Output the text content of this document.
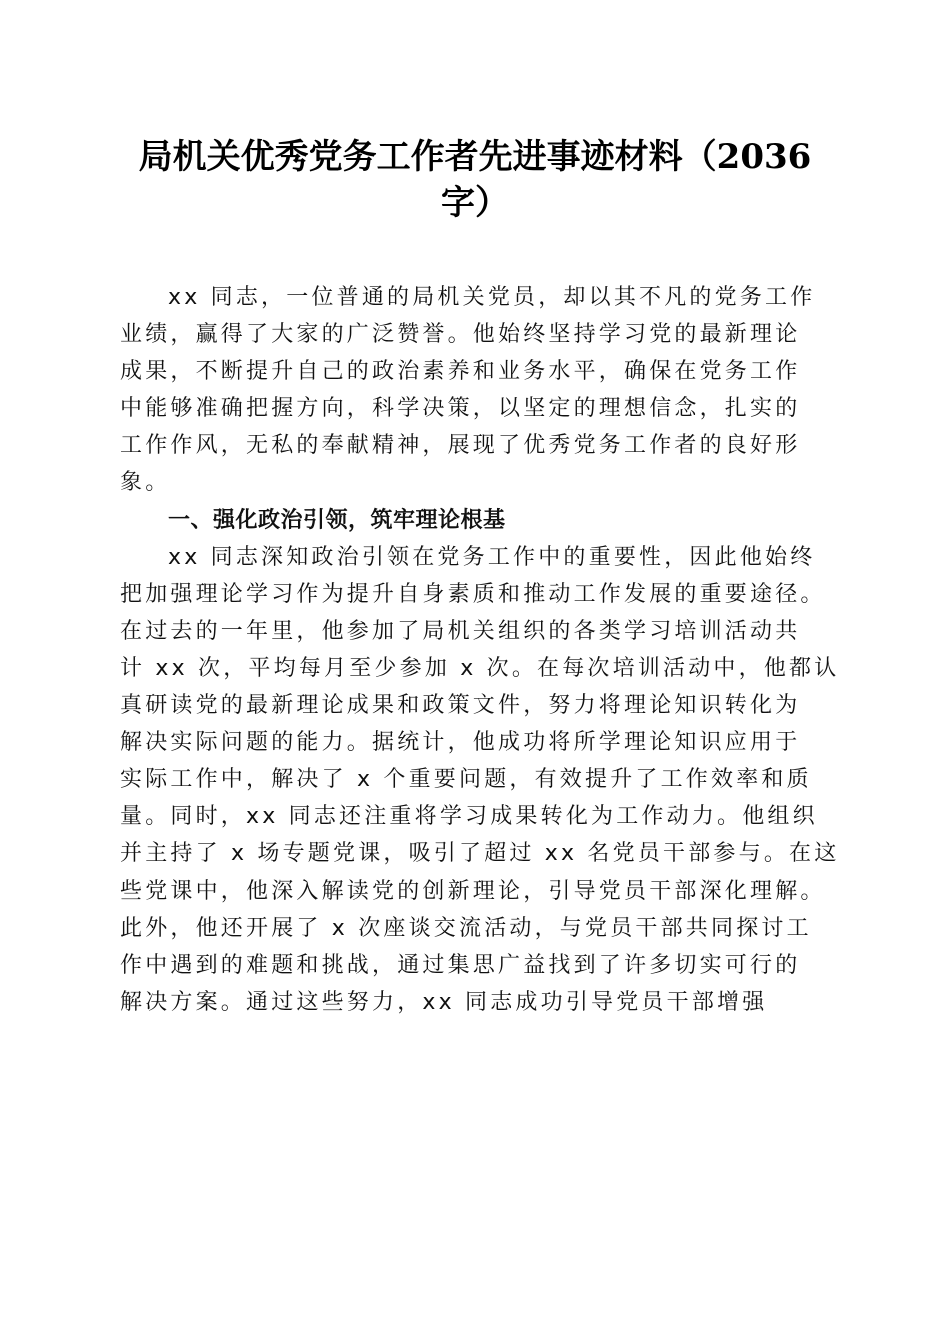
局机关优秀党务工作者先进事迹材料（2036
字）
xx 同志，一位普通的局机关党员，却以其不凡的党务工作
业绩，赢得了大家的广泛赞誉。他始终坚持学习党的最新理论
成果，不断提升自己的政治素养和业务水平，确保在党务工作
中能够准确把握方向，科学决策，以坚定的理想信念，扎实的
工作作风，无私的奉献精神，展现了优秀党务工作者的良好形
象。
一、强化政治引领，筑牢理论根基
xx 同志深知政治引领在党务工作中的重要性，因此他始终
把加强理论学习作为提升自身素质和推动工作发展的重要途径。
在过去的一年里，他参加了局机关组织的各类学习培训活动共
计 xx 次，平均每月至少参加 x 次。在每次培训活动中，他都认
真研读党的最新理论成果和政策文件，努力将理论知识转化为
解决实际问题的能力。据统计，他成功将所学理论知识应用于
实际工作中，解决了 x 个重要问题，有效提升了工作效率和质
量。同时，xx 同志还注重将学习成果转化为工作动力。他组织
并主持了 x 场专题党课，吸引了超过 xx 名党员干部参与。在这
些党课中，他深入解读党的创新理论，引导党员干部深化理解。
此外，他还开展了 x 次座谈交流活动，与党员干部共同探讨工
作中遇到的难题和挑战，通过集思广益找到了许多切实可行的
解决方案。通过这些努力，xx 同志成功引导党员干部增强
